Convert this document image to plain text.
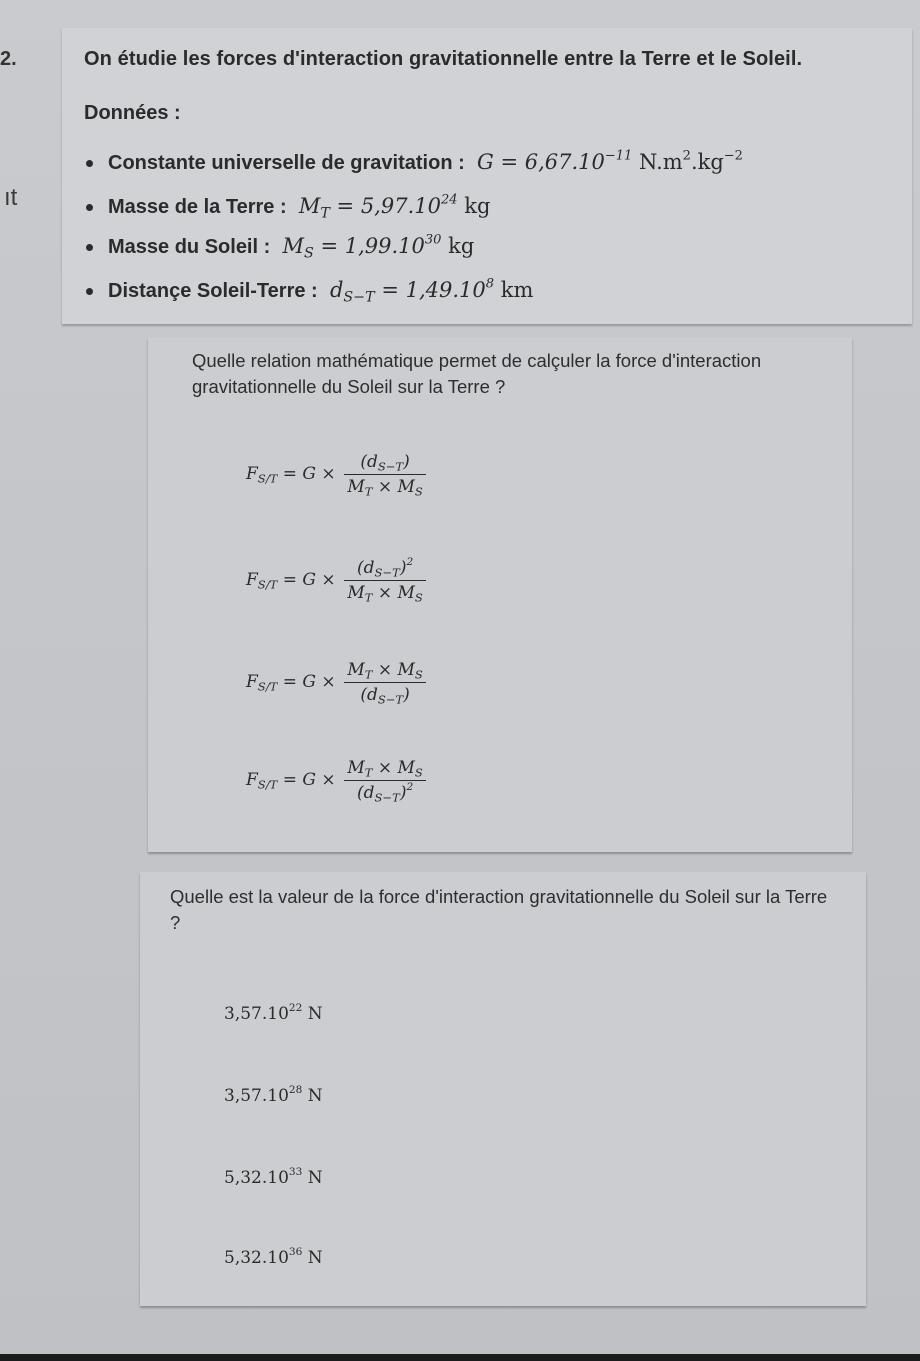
2.
ıt
On étudie les forces d'interaction gravitationnelle entre la Terre et le Soleil.
Données :
Constante universelle de gravitation :  $G = 6,67.10^{-11}$ $N.m^2.kg^{-2}$
Masse de la Terre :  $M_T = 5,97.10^{24}$ kg
Masse du Soleil :  $M_S = 1,99.10^{30}$ kg
Distançe Soleil-Terre :  $d_{S-T} = 1,49.10^8$ km
Quelle relation mathématique permet de calçuler la force d'interaction gravitationnelle du Soleil sur la Terre ?
$F_{S/T} = G \times \frac{(d_{S-T})}{M_T \times M_S}$
$F_{S/T} = G \times \frac{(d_{S-T})^2}{M_T \times M_S}$
$F_{S/T} = G \times \frac{M_T \times M_S}{(d_{S-T})}$
$F_{S/T} = G \times \frac{M_T \times M_S}{(d_{S-T})^2}$
Quelle est la valeur de la force d'interaction gravitationnelle du Soleil sur la Terre ?
3,57.10$^{22}$ N
3,57.10$^{28}$ N
5,32.10$^{33}$ N
5,32.10$^{36}$ N
